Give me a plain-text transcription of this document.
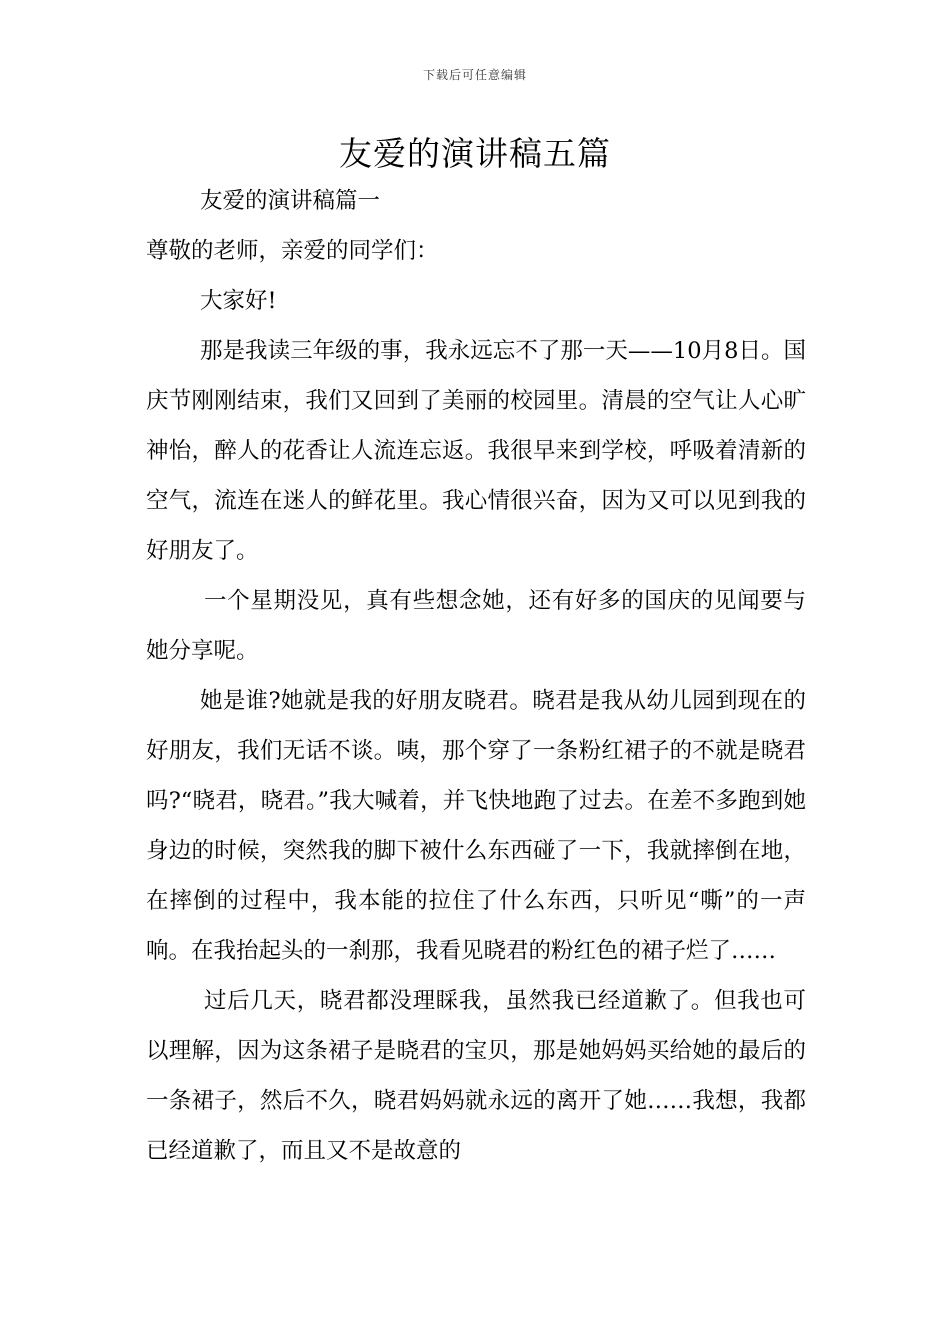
下载后可任意编辑
友爱的演讲稿五篇

友爱的演讲稿篇一

尊敬的老师，亲爱的同学们：

大家好!

那是我读三年级的事，我永远忘不了那一天——10月8日。国庆节刚刚结束，我们又回到了美丽的校园里。清晨的空气让人心旷神怡，醉人的花香让人流连忘返。我很早来到学校，呼吸着清新的空气，流连在迷人的鲜花里。我心情很兴奋，因为又可以见到我的好朋友了。

一个星期没见，真有些想念她，还有好多的国庆的见闻要与她分享呢。

她是谁?她就是我的好朋友晓君。晓君是我从幼儿园到现在的好朋友，我们无话不谈。咦，那个穿了一条粉红裙子的不就是晓君吗?“晓君，晓君。”我大喊着，并飞快地跑了过去。在差不多跑到她身边的时候，突然我的脚下被什么东西碰了一下，我就摔倒在地，在摔倒的过程中，我本能的拉住了什么东西，只听见“嘶”的一声响。在我抬起头的一刹那，我看见晓君的粉红色的裙子烂了……

过后几天，晓君都没理睬我，虽然我已经道歉了。但我也可以理解，因为这条裙子是晓君的宝贝，那是她妈妈买给她的最后的一条裙子，然后不久，晓君妈妈就永远的离开了她……我想，我都已经道歉了，而且又不是故意的
